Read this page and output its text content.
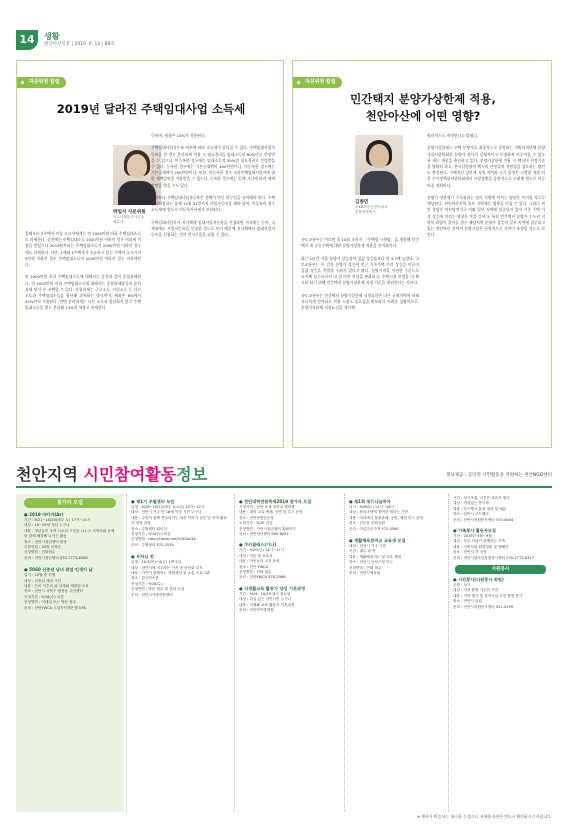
14	생활
천안아산신문 | 2019. 9. 12 | 88호
자문위원 칼럼
2019년 달라진 주택임대사업 소득세
박일지 자문위원
아트나세무사사무소
세무사
올해부터 2주택자 이상 소유자에게는 연 2000만원 이하 주택임대소득도 과세한다. 종전에는 주택임대소득 2000만원 이하인 경우 비과세 적용을 받았으나 2019년부터는 주택임대소득이 2000만원 이하인 경우에도 과세한다. 다만, 1세대 1주택자가 소유하고 있는 주택이 공시가격 9억원 이하인 경우 주택임대소득이 2000만원 이하인 경우 비과세된다.

연 2000만원 초과 주택임대소득에 대해서는 종전과 같이 종합과세한다. 연 2000만원 이하 주택임대소득에 대해서는 종합과세방식과 분리과세 방식 중 선택할 수 있다. 종합과세는 근로소득, 사업소득 등 다른 소득과 주택임대소득을 합산해 과세하는 방식이며, 세율은 6%에서 42%까지 적용된다. 반면 분리과세는 다른 소득과 합산하지 않고 주택임대소득을 별도 분리해 14%의 세율로 과세한다.
등하며, 세율은 14%가 적용된다.

주택임대사업자등록 여부에 따라 소득세가 달라질 수 있다. 주택임대사업자등록을 한 경우 분리과세 적용 시 필요경비를 임대소득의 60%만큼 인정받을 수 있으나, 미등록한 경우에는 임대소득의 50%만 필요경비로 인정받을 수 있다. 등록한 경우에는 기본공제액이 400만원이나, 미등록한 경우에는 기본공제액이 200만원이다. 또한, 미등록한 경우 소형주택임대사업자에 대한 세액감면을 적용받을 수 없으나, 등록한 경우에는 일례 기간에 따라 세액감면을 받을 수도 있다.

무엇보다 주택임대사업자등록은 선택이 아닌 의무입을 유의해야 한다. 주택임대사업자는 올해 12월 31일까지 사업자등록을 해야 하며, 미등록의 경우 소득세에 별도로 미등록가산세가 부과된다.

주택임대사업자가 지자체에 임대사업자등록을 신청하면 지자체는 등록, 국세청에도 사업자등록을 신청한 것으로 보기 때문에 지자체에서 임대사업자등록을 신청하는 것이 번거로움을 피할 수 있다.
자문위원 칼럼
민간택지 분양가상한제 적용,
천안아산에 어떤 영향?
김종민
㈜KB부동산신탁대표
부동산학박사
국토교통부는 이르면 올 10월 초까지 「주택법 시행령」을 개정해 민간택지 내 공동주택에 대한 분양가상한제 적용을 본격화한다.

최근 1년간 서울 분양가 상승률이 집값 상승률보다 약 3.7배 높았다. 국토교통부는 이 같은 분양가 상승이 인근 기존주택 가격 상승을 이끌어 집값 상승을 촉발할 우려가 있다고 봤다. 분양가격을 적정한 수준으로 유지해 실수요자의 내 집 마련 부담을 완화하고, 주택시장 안정을 더 확고히 하기 위해 민간택지 분양가상한제 지정 기준을 개선한다는 것이다.

국토교통부는 민간택지 분양가상한제 지정요건은 다른 규제지역에 비해 지나치게 엄격하고 적용 시점도 실효성을 확보하기 어려운 상황이므로, 분양가상한제 지정요건을 개선해
합리적으로 개정한다고 밝혔다.

분양가상한제는 주택 분양가를 최종적으로 결정하는 지방자치단체 분양가심사위원회의 분양가 심사가 실제적이고 투명하게 이루어질 수 있도록 제도 개선을 추진하고 있다. 분양가상한제 적용 시 택지비 산정기준을 명확히 하고, 한국감정원이 택지비 산정절차 적정성을 검토하는 방안도 추진된다. 구체적인 상한제 지정 지역과 시기 결정은 시행령 개정 이후 주거정책심의위원회에서 시장상황을 종합적으로 고려해 별도로 이루어질 계획이다.

분양가 상한제가 수도권과는 달리 지방에 미치는 영향은 미미할 것으로 예상된다. 천안아산지역 일부 지역에는 영향을 미칠 수 있다. 그러나 천안 불당동 아산탕정지구 이외 일부 지역에 집중되어 있어 기존 주택 가격 상승에 미치는 영향은 작을 것이다. 특히 민간택지 분양가 수도권 지역의 과열이 잦아들 경우 해당지역 분양가 상승이 일부 지역에 집중되고 있는 천안아산 지역의 분양시장은 선별적으로 가격이 조정될 것으로 보인다.
천안지역 시민참여활동정보	정보제공 : 공익적 시민활동을 지원하는 천안NGO센터
참가자 모집
● 2019 아카자(Ar)
기간 : 9/21~10/20(매주 토) 17시~21시
대상 : 18~29세 청년 누구나
내용 : 청년들이 모여 서로의 고민을 나누고 지역사회 문제를 함께 해결해 나가는 활동
장소 : 천안시청년센터 불당
모집인원 : 30명 선착순
신청방법 : 전화접수
문의 : 천안시청년센터 070-7773-8308
● 5060 신중년 남녀 취업 인생이 날
일시 : 10월 중 진행
대상 : 신중년 세대 시민
내용 : 은퇴 이후의 삶 설계와 재취업 교육
장소 : 천안시 서북구 쌍용동 주민센터
신청기간 : 9/18(수) 마감
신청방법 : 이메일 또는 방문 접수
문의 : 천안YWCA 고령자인재은행 578-
● 제1기 주월센터 모임
일정 : 9/28~10/12(매주 토요일) 10시~12시
대상 : 천안시 거주 만 18세 이상 시민 누구나
내용 : 주민이 함께 만들어가는 마을 이야기 공유 및 지역 활동가 양성 과정
장소 : 주월센터 회의실
신청기간 : 9/14(토) 마감
신청방법 : http://naver.me/GOJGoc3A
문의 : 주월센터 572-2535
● 부처님 전
일정 : 10.3(목)~4(금) 1박 2일
대상 : 천안시에 거주하는 가족 중 아이와 부모
내용 : 가족이 함께하는 생태체험 및 소통 프로그램
장소 : 한국민속촌
신청기간 : 9/18(수)
신청방법 : 방문 접수 및 전화 신청
문의 : 천안시가정지원센터
● 천안대학연합축제2019 참가자 모집
신청자격 : 천안 소재 대학교 재학생
내용 : 대학 교류 축제, 공연 및 부스 운영
장소 : 천안종합운동장
모집기간 : 9/20 마감
신청방법 : 천안시청년센터 홈페이지
문의 : 천안청년센터 900-6051
● 쿠키클래스(가나)
기간 : 9/20(금) 14시~17시
대상 : 아동 및 보호자
내용 : 아동요리 교실 운영
장소 : 천안 YWCA
신청방법 : 전화 접수
문의 : 천안YWCA 578-2066
● 식생활교육 활동가 양성 기본과정
기간 : 9/24~10/29 매주 화요일
대상 : 관심 있는 천안시민 누구나
내용 : 식생활 교육 활동가 기본과정
문의 : 천안아이쿱생협
● 제1회 워드나눔하자
일시 : 9/28(토) 11시~16시
대상 : 플리마켓에 참여를 원하는 시민
내용 : 아나바다 물품판매, 공연, 체험 부스 운영
장소 : 신부동 문화공원
문의 : 아름다운가게 572-0560
● 생활체육참여교 교육생 모집
대상 : 천안시 거주 시민
기간 : 매주 화·목
내용 : 생활체육지도 및 교육 체험
장소 : 천안시 동남구청 인근
신청방법 : 전화 접수
문의 : 천안시체육회
시간 : 상시모집, 시간은 교육과 협의
대상 : 경험있는 봉사자
내용 : 푸드뱅크 물품 정리 및 배분
장소 : 천안시 푸드뱅크
문의 : 천안시자원봉사센터 570-4044
● 가족봉사 활동자모집
기간 : 2019년 4월~9월
대상 : 부모 자녀가 함께하는 가족
내용 : 지역사회 환경정화 및 캠페인
장소 : 천안시 각 지역
문의 : 천안시청소년자원봉사센터 070-7773-8317
자원봉사
● 사진봉사(다원봉사 회원)
모집 : 상시
대상 : 사진 촬영 가능한 시민
내용 : 지역 행사 및 복지시설 사진 촬영 봉사
장소 : 천안시 일원
문의 : 천안시자원봉사센터 521-0199
※ 행사가 변경 또는 취소될 수 있으니 자세한 사항은 반드시 확인하시기 바랍니다.
